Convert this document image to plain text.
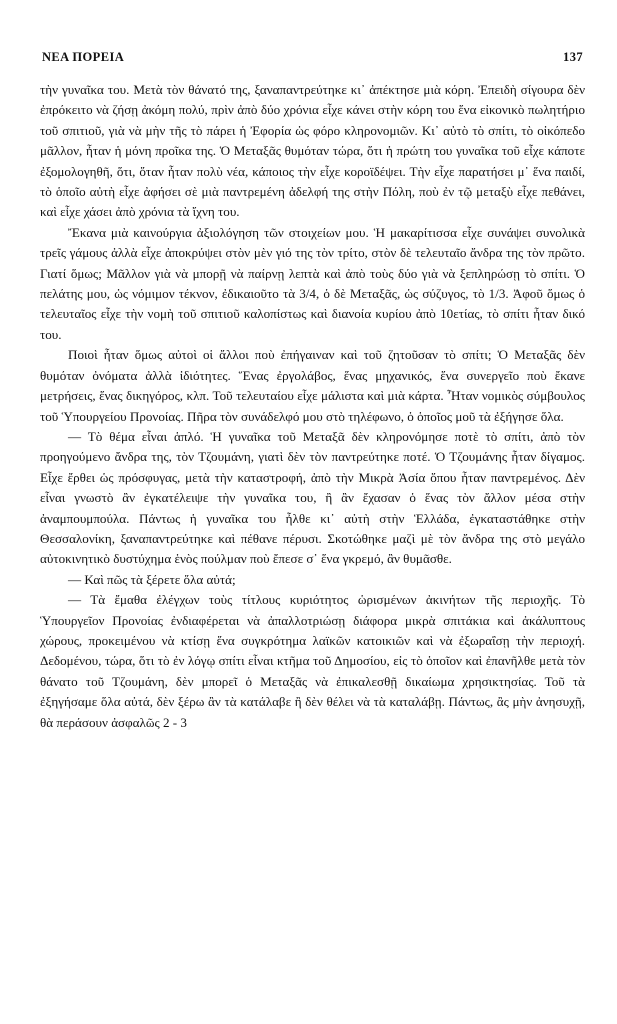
ΝΕΑ ΠΟΡΕΙΑ	137

τὴν γυναῖκα του. Μετὰ τὸν θάνατό της, ξαναπαντρεύτηκε κι᾽ ἀπέκτησε μιὰ κόρη. Ἐπειδὴ σίγουρα δὲν ἐπρόκειτο νὰ ζήσῃ ἀκόμη πολύ, πρὶν ἀπὸ δύο χρόνια εἶχε κάνει στὴν κόρη του ἕνα εἰκονικὸ πωλητήριο τοῦ σπιτιοῦ, γιὰ νὰ μὴν τῆς τὸ πάρει ἡ Ἐφορία ὡς φόρο κληρονομιῶν. Κι᾽ αὐτὸ τὸ σπίτι, τὸ οἰκόπεδο μᾶλλον, ἦταν ἡ μόνη προῖκα της. Ὁ Μεταξᾶς θυμόταν τώρα, ὅτι ἡ πρώτη του γυναῖκα τοῦ εἶχε κάποτε ἐξομολογηθῆ, ὅτι, ὅταν ἦταν πολὺ νέα, κάποιος τὴν εἶχε κοροϊδέψει. Τὴν εἶχε παρατήσει μ᾽ ἕνα παιδί, τὸ ὁποῖο αὐτὴ εἶχε ἀφήσει σὲ μιὰ παντρεμένη ἀδελφή της στὴν Πόλη, ποὺ ἐν τῷ μεταξὺ εἶχε πεθάνει, καὶ εἶχε χάσει ἀπὸ χρόνια τὰ ἴχνη του.

Ἔκανα μιὰ καινούργια ἀξιολόγηση τῶν στοιχείων μου. Ἡ μακαρίτισσα εἶχε συνάψει συνολικὰ τρεῖς γάμους ἀλλὰ εἶχε ἀποκρύψει στὸν μὲν γιό της τὸν τρίτο, στὸν δὲ τελευταῖο ἄνδρα της τὸν πρῶτο. Γιατί ὅμως; Μᾶλλον γιὰ νὰ μπορῇ νὰ παίρνῃ λεπτὰ καὶ ἀπὸ τοὺς δύο γιὰ νὰ ξεπληρώσῃ τὸ σπίτι. Ὁ πελάτης μου, ὡς νόμιμον τέκνον, ἐδικαιοῦτο τὰ 3/4, ὁ δὲ Μεταξᾶς, ὡς σύζυγος, τὸ 1/3. Ἀφοῦ ὅμως ὁ τελευταῖος εἶχε τὴν νομὴ τοῦ σπιτιοῦ καλοπίστως καὶ διανοία κυρίου ἀπὸ 10ετίας, τὸ σπίτι ἦταν δικό του.

Ποιοὶ ἦταν ὅμως αὐτοὶ οἱ ἄλλοι ποὺ ἐπήγαιναν καὶ τοῦ ζητοῦσαν τὸ σπίτι; Ὁ Μεταξᾶς δὲν θυμόταν ὀνόματα ἀλλὰ ἰδιότητες. Ἕνας ἐργολάβος, ἕνας μηχανικός, ἕνα συνεργεῖο ποὺ ἔκανε μετρήσεις, ἕνας δικηγόρος, κλπ. Τοῦ τελευταίου εἶχε μάλιστα καὶ μιὰ κάρτα. Ἦταν νομικὸς σύμβουλος τοῦ Ὑπουργείου Προνοίας. Πῆρα τὸν συνάδελφό μου στὸ τηλέφωνο, ὁ ὁποῖος μοῦ τὰ ἐξήγησε ὅλα.

— Τὸ θέμα εἶναι ἁπλό. Ἡ γυναῖκα τοῦ Μεταξᾶ δὲν κληρονόμησε ποτὲ τὸ σπίτι, ἀπὸ τὸν προηγούμενο ἄνδρα της, τὸν Τζουμάνη, γιατὶ δὲν τὸν παντρεύτηκε ποτέ. Ὁ Τζουμάνης ἦταν δίγαμος. Εἶχε ἔρθει ὡς πρόσφυγας, μετὰ τὴν καταστροφή, ἀπὸ τὴν Μικρὰ Ἀσία ὅπου ἦταν παντρεμένος. Δὲν εἶναι γνωστὸ ἂν ἐγκατέλειψε τὴν γυναῖκα του, ἢ ἂν ἔχασαν ὁ ἕνας τὸν ἄλλον μέσα στὴν ἀναμπουμπούλα. Πάντως ἡ γυναῖκα του ἦλθε κι᾽ αὐτὴ στὴν Ἑλλάδα, ἐγκαταστάθηκε στὴν Θεσσαλονίκη, ξαναπαντρεύτηκε καὶ πέθανε πέρυσι. Σκοτώθηκε μαζὶ μὲ τὸν ἄνδρα της στὸ μεγάλο αὐτοκινητικὸ δυστύχημα ἑνὸς πούλμαν ποὺ ἔπεσε σ᾽ ἕνα γκρεμό, ἂν θυμᾶσθε.

— Καὶ πῶς τὰ ξέρετε ὅλα αὐτά;

— Τὰ ἔμαθα ἐλέγχων τοὺς τίτλους κυριότητος ὡρισμένων ἀκινήτων τῆς περιοχῆς. Τὸ Ὑπουργεῖον Προνοίας ἐνδιαφέρεται νὰ ἀπαλλοτριώσῃ διάφορα μικρὰ σπιτάκια καὶ ἀκάλυπτους χώρους, προκειμένου νὰ κτίσῃ ἕνα συγκρότημα λαϊκῶν κατοικιῶν καὶ νὰ ἐξωραΐσῃ τὴν περιοχή. Δεδομένου, τώρα, ὅτι τὸ ἐν λόγῳ σπίτι εἶναι κτῆμα τοῦ Δημοσίου, εἰς τὸ ὁποῖον καὶ ἐπανῆλθε μετὰ τὸν θάνατο τοῦ Τζουμάνη, δὲν μπορεῖ ὁ Μεταξᾶς νὰ ἐπικαλεσθῇ δικαίωμα χρησικτησίας. Τοῦ τὰ ἐξηγήσαμε ὅλα αὐτά, δὲν ξέρω ἂν τὰ κατάλαβε ἢ δὲν θέλει νὰ τὰ καταλάβῃ. Πάντως, ἂς μὴν ἀνησυχῇ, θὰ περάσουν ἀσφαλῶς 2 - 3
